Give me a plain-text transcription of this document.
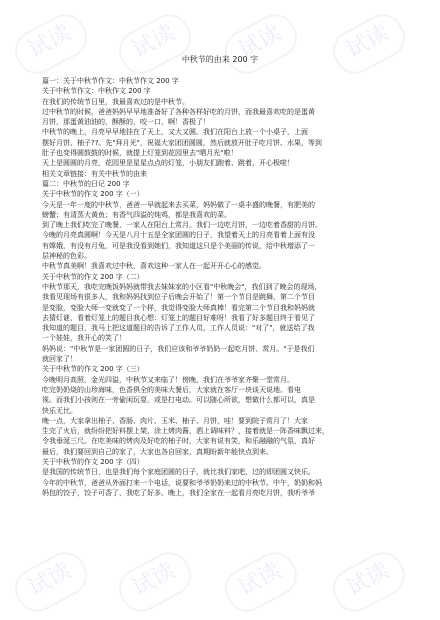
中秋节的由来 200 字
篇一：关于中秋节作文：中秋节作文 200 字
关于中秋节作文：中秋作文 200 字
在我们的传统节日里，我最喜欢过的是中秋节。
过中秋节的时候，爸爸妈妈早早地准备好了各种各样好吃的月饼，而我最喜欢吃的是蛋黄
月饼，那蛋黄油油的，酥酥的，咬一口，啊！香极了！
中秋节的晚上，月亮早早地挂在了天上，又大又圆。我们在阳台上放一个小桌子，上面
摆好月饼、柚子??。先"拜月光"，祝福大家团团圆圆，然后就放开肚子吃月饼、水果，等到
肚子也变得圆鼓鼓的时候，就提上灯笼到花园里去"晒月光"啦！
天上是圆圆的月亮，花园里是星星点点的灯笼，小朋友们跑着、跳着，开心极啦！
相关文章链接：有关中秋节的由来
篇二：中秋节的日记 200 字
关于中秋节的作文 200 字（一）
今天是一年一度的中秋节，爸爸一早就起来去买菜，妈妈做了一桌丰盛的晚餐，有肥美的
螃蟹；有清蒸大黄鱼；有香气四溢的炖鸡，都是我喜欢的菜。
到了晚上我们吃完了晚餐，一家人在阳台上赏月。我们一边吃月饼，一边吃着香甜的月饼。
今晚的月亮真圆啊！今天是八月十五是全家团圆的日子，我望着天上的月亮看着上面有没
有嫦娥，有没有月兔，可是我没看到她们，我知道这只是个美丽的传说，给中秋增添了一
层神秘的色彩。
中秋节真美啊！我喜欢过中秋，喜欢这种一家人在一起开开心心的感觉。
关于中秋节的作文 200 字（二）
中秋节那天，我吃完晚饭妈妈就带我去妹妹家的小区看"中秋晚会"，我们到了晚会的现场，
我看见现场有很多人，我和妈妈找到位子后晚会开始了！第一个节目是跳舞，第二个节目
是变脸，变脸大师一变就变了一个样，我觉得变脸大师真棒！看完第二个节目我和妈妈就
去猜灯谜，看着灯笼上的题目我心想：灯笼上的题目好难呀！我看了好多题目终于看见了
我知道的题目，我马上把这道题目的告诉了工作人员，工作人员说："对了"，就送给了我
一个娃娃，我开心的笑了！
妈妈说："中秋节是一家团圆的日子，我们应该和爷爷奶奶一起吃月饼、赏月。"于是我们
就回家了！
关于中秋节的作文 200 字（三）
今晚明月高照，金光四溢，中秋节又来临了！傍晚，我们在爷爷家齐聚一堂赏月。
吃完奶奶烧的山珍海味，色香俱全的美味大餐后，大家就在客厅一块谈天说地。看电
视。而我们小孩则在一旁偷闲玩耍，或是打电动。可以随心所欲，想做什么都可以，真是
快乐无比。
晚一点，大家拿出柚子、香肠、肉片、玉米、柚子、月饼，哇！要到院子赏月了！大家
生完了火后，就纷纷把好料摆上架，涂上烤肉酱，洒上调味料？，接着就是一阵香味飘过来，
令我垂涎三尺。在吃美味的烤肉及好吃的柚子时，大家有说有笑，和乐融融的气氛，真好
最后，我们要回到自己的家了，大家也各自回家，真期盼新年能快点到来。
关于中秋节的作文 200 字（四）
是我国的传统节日，也是我们每个家庭团圆的日子，就比我们家吧，过的即团圆又快乐。
今年的中秋节，爸爸从外面打来一个电话，说要和爷爷奶奶来过的中秋节。中午，奶奶和妈
妈包的饺子，饺子可香了，我吃了好多。晚上，我们全家在一起看月亮吃月饼，我听爷爷
试读	试读	试读	试读
试读	试读	试读	试读
